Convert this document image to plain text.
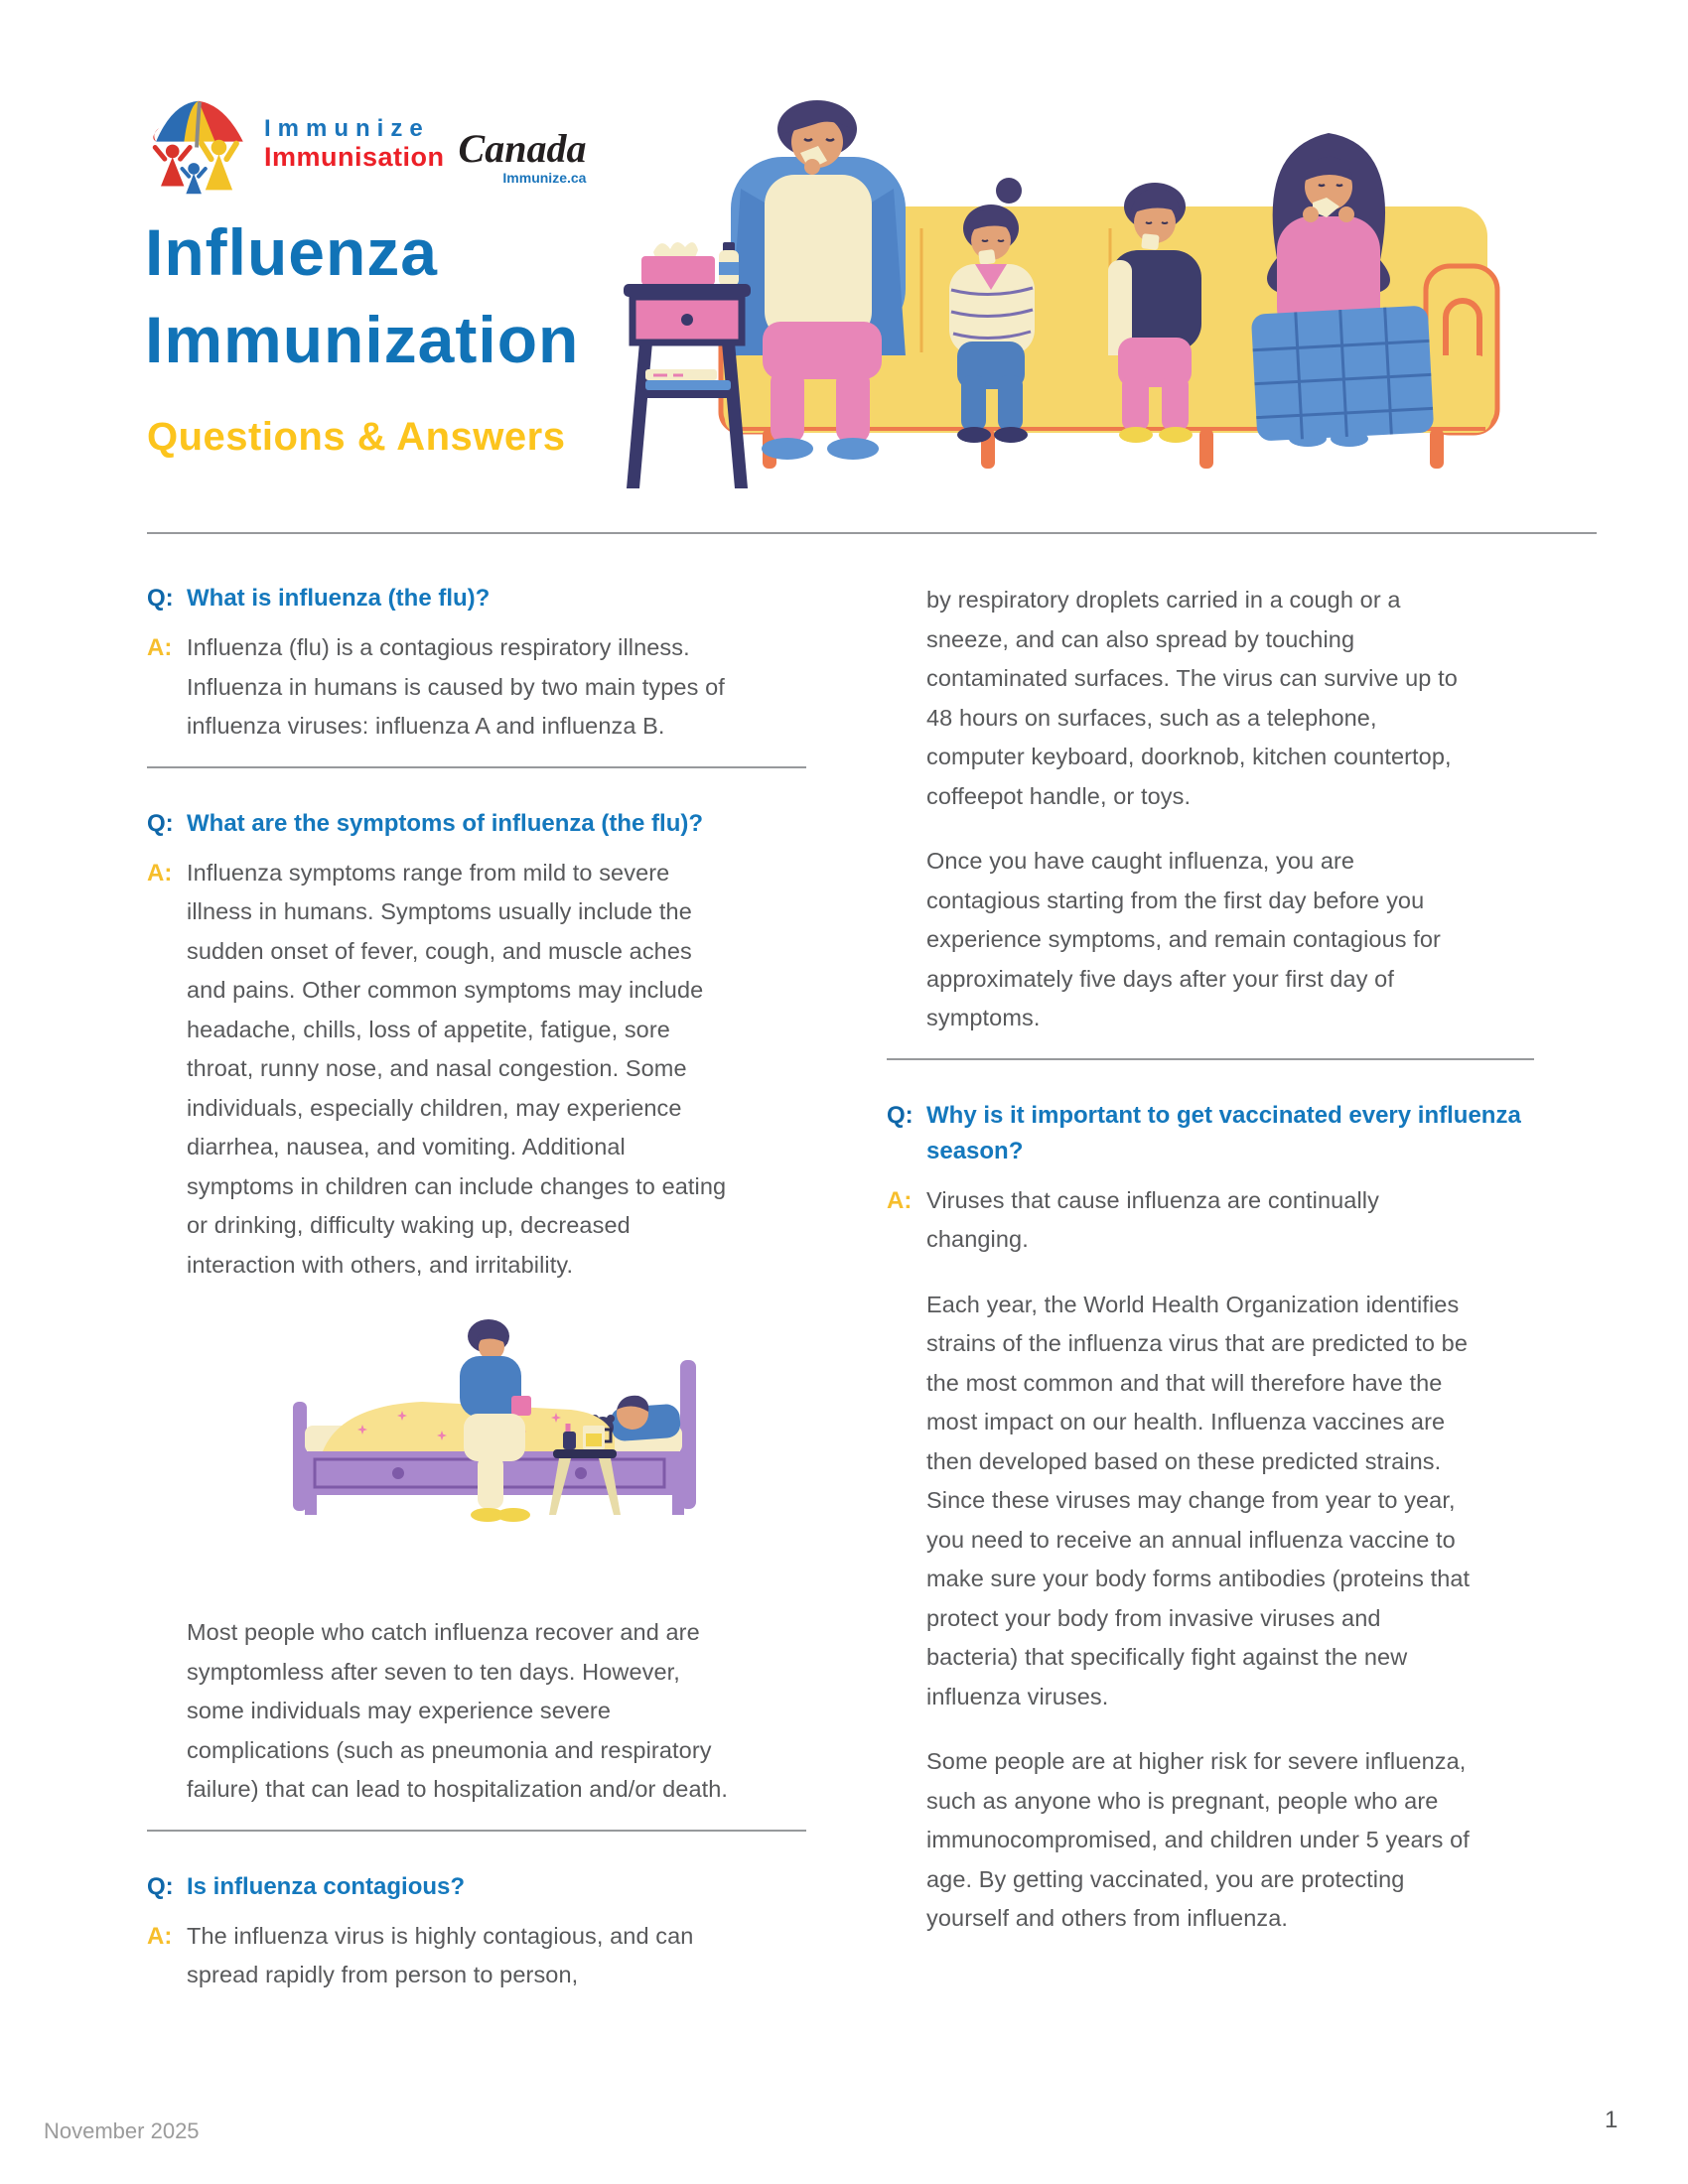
Immunize
Immunisation Canada
Immunize.ca
Influenza
Immunization
Questions & Answers
Q: What is influenza (the flu)?
A: Influenza (flu) is a contagious respiratory illness. Influenza in humans is caused by two main types of influenza viruses: influenza A and influenza B.

Q: What are the symptoms of influenza (the flu)?
A: Influenza symptoms range from mild to severe illness in humans. Symptoms usually include the sudden onset of fever, cough, and muscle aches and pains. Other common symptoms may include headache, chills, loss of appetite, fatigue, sore throat, runny nose, and nasal congestion. Some individuals, especially children, may experience diarrhea, nausea, and vomiting. Additional symptoms in children can include changes to eating or drinking, difficulty waking up, decreased interaction with others, and irritability.

Most people who catch influenza recover and are symptomless after seven to ten days. However, some individuals may experience severe complications (such as pneumonia and respiratory failure) that can lead to hospitalization and/or death.

Q: Is influenza contagious?
A: The influenza virus is highly contagious, and can spread rapidly from person to person,

by respiratory droplets carried in a cough or a sneeze, and can also spread by touching contaminated surfaces. The virus can survive up to 48 hours on surfaces, such as a telephone, computer keyboard, doorknob, kitchen countertop, coffeepot handle, or toys.

Once you have caught influenza, you are contagious starting from the first day before you experience symptoms, and remain contagious for approximately five days after your first day of symptoms.

Q: Why is it important to get vaccinated every influenza season?
A: Viruses that cause influenza are continually changing.

Each year, the World Health Organization identifies strains of the influenza virus that are predicted to be the most common and that will therefore have the most impact on our health. Influenza vaccines are then developed based on these predicted strains. Since these viruses may change from year to year, you need to receive an annual influenza vaccine to make sure your body forms antibodies (proteins that protect your body from invasive viruses and bacteria) that specifically fight against the new influenza viruses.

Some people are at higher risk for severe influenza, such as anyone who is pregnant, people who are immunocompromised, and children under 5 years of age. By getting vaccinated, you are protecting yourself and others from influenza.

November 2025	1
